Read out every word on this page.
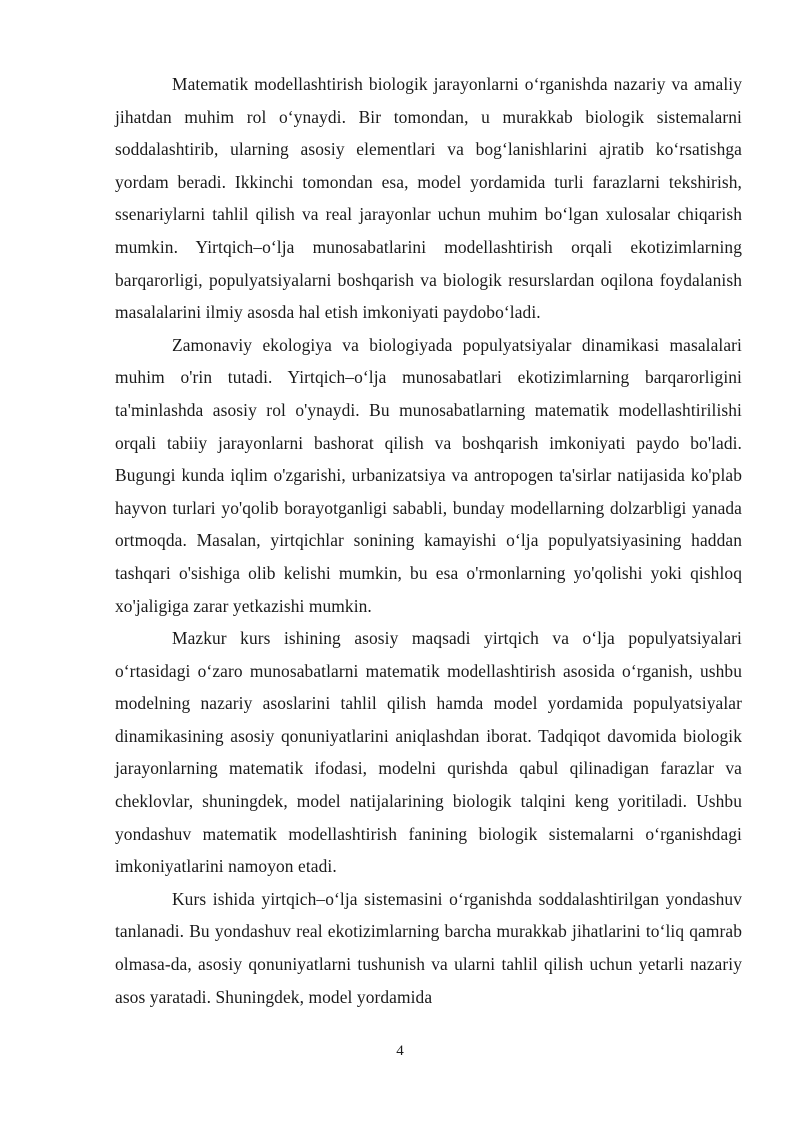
Matematik modellashtirish biologik jarayonlarni o‘rganishda nazariy va amaliy jihatdan muhim rol o‘ynaydi. Bir tomondan, u murakkab biologik sistemalarni soddalashtirib, ularning asosiy elementlari va bog‘lanishlarini ajratib ko‘rsatishga yordam beradi. Ikkinchi tomondan esa, model yordamida turli farazlarni tekshirish, ssenariylarni tahlil qilish va real jarayonlar uchun muhim bo‘lgan xulosalar chiqarish mumkin. Yirtqich–o‘lja munosabatlarini modellashtirish orqali ekotizimlarning barqarorligi, populyatsiyalarni boshqarish va biologik resurslardan oqilona foydalanish masalalarini ilmiy asosda hal etish imkoniyati paydobo‘ladi.

Zamonaviy ekologiya va biologiyada populyatsiyalar dinamikasi masalalari muhim o'rin tutadi. Yirtqich–o‘lja munosabatlari ekotizimlarning barqarorligini ta'minlashda asosiy rol o'ynaydi. Bu munosabatlarning matematik modellashtirilishi orqali tabiiy jarayonlarni bashorat qilish va boshqarish imkoniyati paydo bo'ladi. Bugungi kunda iqlim o'zgarishi, urbanizatsiya va antropogen ta'sirlar natijasida ko'plab hayvon turlari yo'qolib borayotganligi sababli, bunday modellarning dolzarbligi yanada ortmoqda. Masalan, yirtqichlar sonining kamayishi o‘lja populyatsiyasining haddan tashqari o'sishiga olib kelishi mumkin, bu esa o'rmonlarning yo'qolishi yoki qishloq xo'jaligiga zarar yetkazishi mumkin.

Mazkur kurs ishining asosiy maqsadi yirtqich va o‘lja populyatsiyalari o‘rtasidagi o‘zaro munosabatlarni matematik modellashtirish asosida o‘rganish, ushbu modelning nazariy asoslarini tahlil qilish hamda model yordamida populyatsiyalar dinamikasining asosiy qonuniyatlarini aniqlashdan iborat. Tadqiqot davomida biologik jarayonlarning matematik ifodasi, modelni qurishda qabul qilinadigan farazlar va cheklovlar, shuningdek, model natijalarining biologik talqini keng yoritiladi. Ushbu yondashuv matematik modellashtirish fanining biologik sistemalarni o‘rganishdagi imkoniyatlarini namoyon etadi.

Kurs ishida yirtqich–o‘lja sistemasini o‘rganishda soddalashtirilgan yondashuv tanlanadi. Bu yondashuv real ekotizimlarning barcha murakkab jihatlarini to‘liq qamrab olmasa-da, asosiy qonuniyatlarni tushunish va ularni tahlil qilish uchun yetarli nazariy asos yaratadi. Shuningdek, model yordamida

4
